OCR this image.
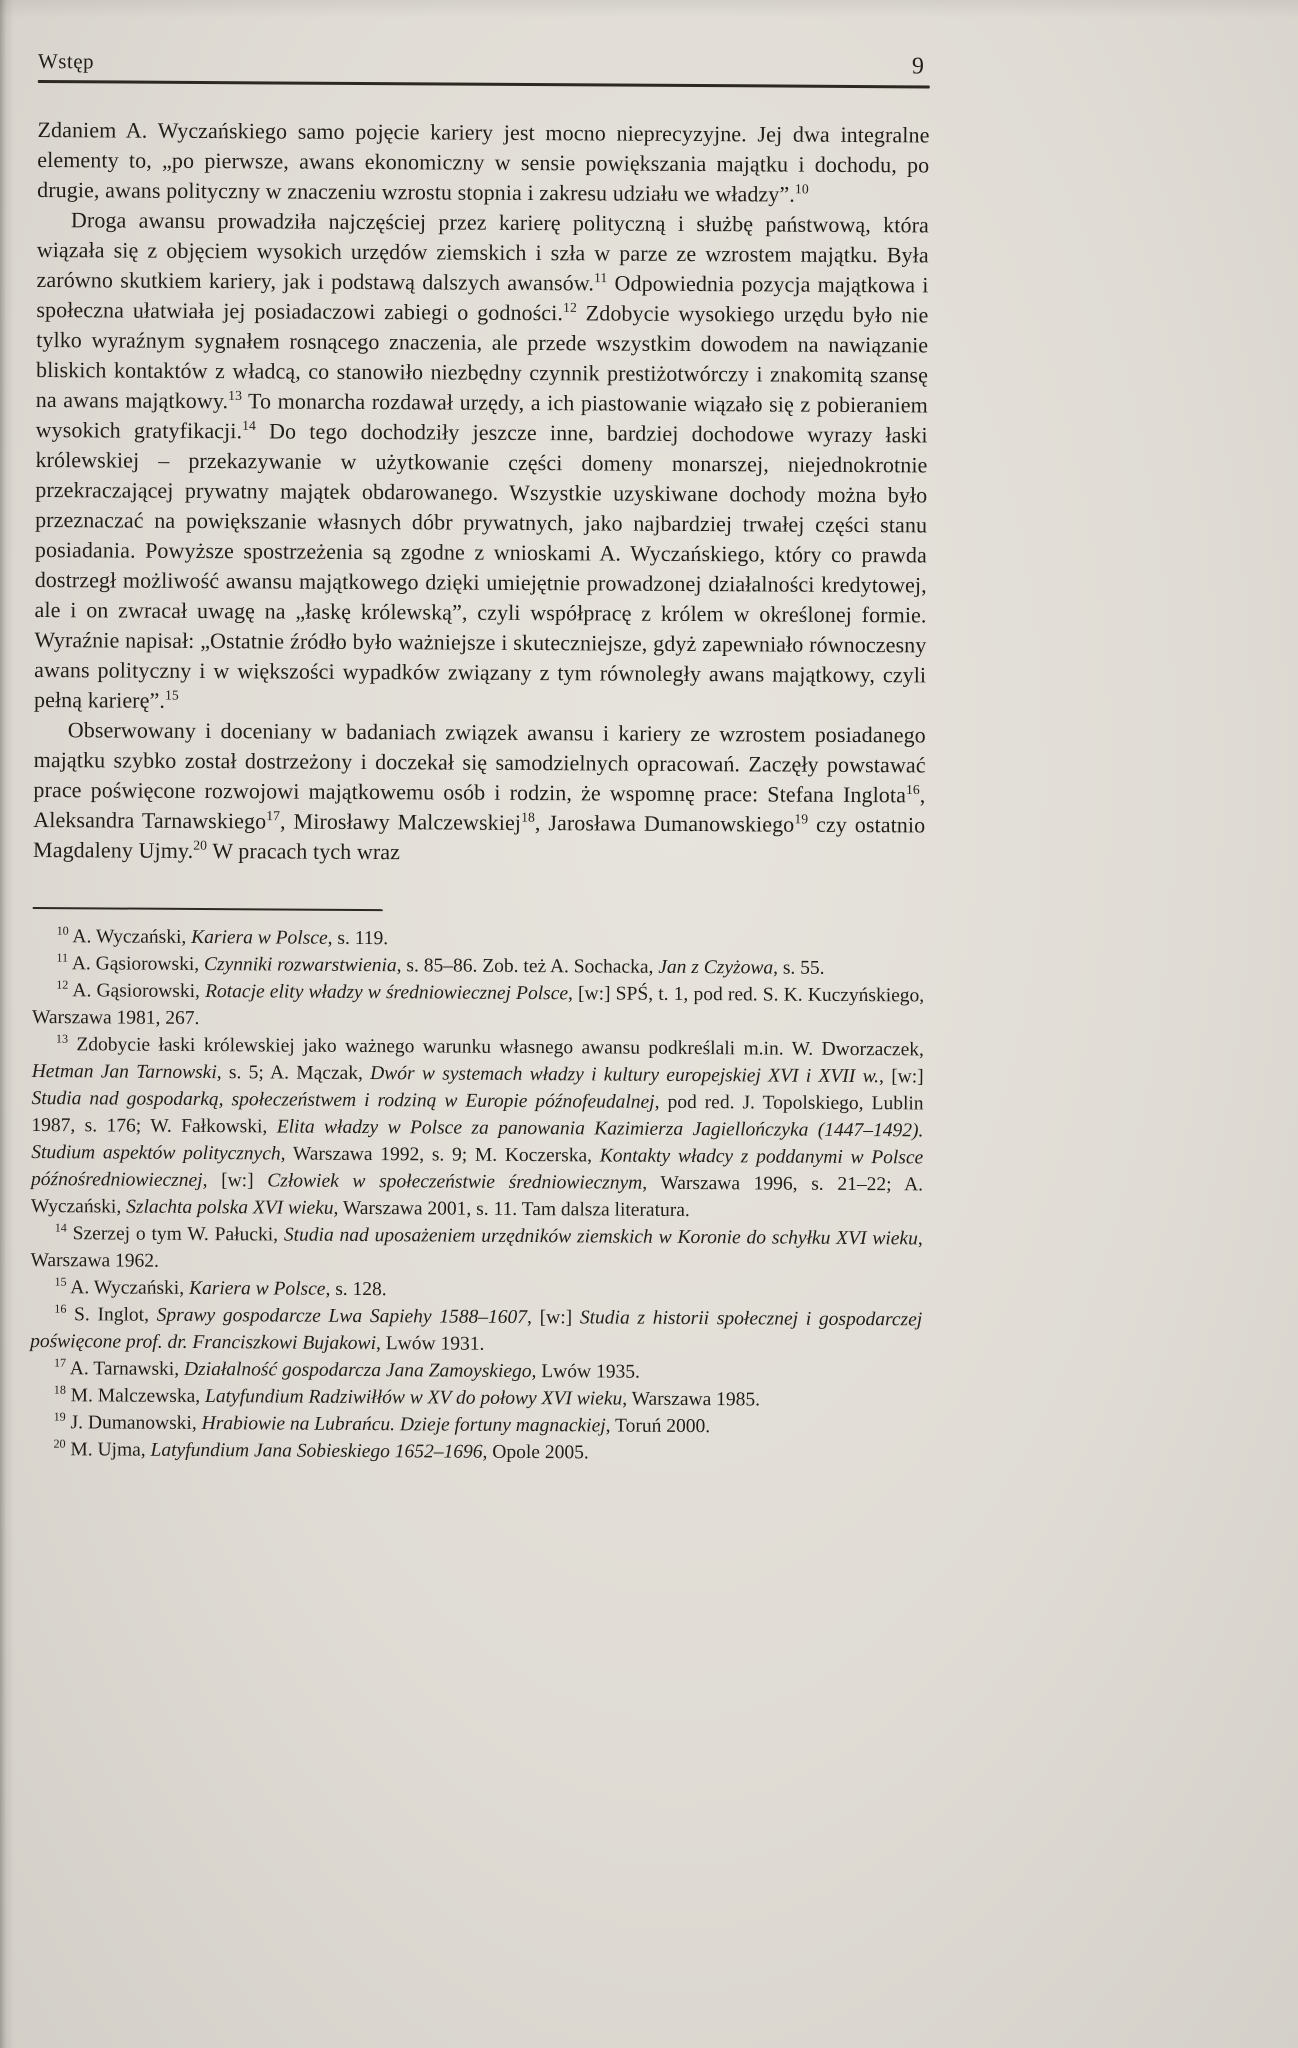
Wstęp	9

Zdaniem A. Wyczańskiego samo pojęcie kariery jest mocno nieprecyzyjne. Jej dwa integralne elementy to, „po pierwsze, awans ekonomiczny w sensie powiększania majątku i dochodu, po drugie, awans polityczny w znaczeniu wzrostu stopnia i zakresu udziału we władzy”.$^{10}$

Droga awansu prowadziła najczęściej przez karierę polityczną i służbę państwową, która wiązała się z objęciem wysokich urzędów ziemskich i szła w parze ze wzrostem majątku. Była zarówno skutkiem kariery, jak i podstawą dalszych awansów.$^{11}$ Odpowiednia pozycja majątkowa i społeczna ułatwiała jej posiadaczowi zabiegi o godności.$^{12}$ Zdobycie wysokiego urzędu było nie tylko wyraźnym sygnałem rosnącego znaczenia, ale przede wszystkim dowodem na nawiązanie bliskich kontaktów z władcą, co stanowiło niezbędny czynnik prestiżotwórczy i znakomitą szansę na awans majątkowy.$^{13}$ To monarcha rozdawał urzędy, a ich piastowanie wiązało się z pobieraniem wysokich gratyfikacji.$^{14}$ Do tego dochodziły jeszcze inne, bardziej dochodowe wyrazy łaski królewskiej – przekazywanie w użytkowanie części domeny monarszej, niejednokrotnie przekraczającej prywatny majątek obdarowanego. Wszystkie uzyskiwane dochody można było przeznaczać na powiększanie własnych dóbr prywatnych, jako najbardziej trwałej części stanu posiadania. Powyższe spostrzeżenia są zgodne z wnioskami A. Wyczańskiego, który co prawda dostrzegł możliwość awansu majątkowego dzięki umiejętnie prowadzonej działalności kredytowej, ale i on zwracał uwagę na „łaskę królewską”, czyli współpracę z królem w określonej formie. Wyraźnie napisał: „Ostatnie źródło było ważniejsze i skuteczniejsze, gdyż zapewniało równoczesny awans polityczny i w większości wypadków związany z tym równoległy awans majątkowy, czyli pełną karierę”.$^{15}$

Obserwowany i doceniany w badaniach związek awansu i kariery ze wzrostem posiadanego majątku szybko został dostrzeżony i doczekał się samodzielnych opracowań. Zaczęły powstawać prace poświęcone rozwojowi majątkowemu osób i rodzin, że wspomnę prace: Stefana Inglota$^{16}$, Aleksandra Tarnawskiego$^{17}$, Mirosławy Malczewskiej$^{18}$, Jarosława Dumanowskiego$^{19}$ czy ostatnio Magdaleny Ujmy.$^{20}$ W pracach tych wraz

$^{10}$ A. Wyczański, Kariera w Polsce, s. 119.

$^{11}$ A. Gąsiorowski, Czynniki rozwarstwienia, s. 85–86. Zob. też A. Sochacka, Jan z Czyżowa, s. 55.

$^{12}$ A. Gąsiorowski, Rotacje elity władzy w średniowiecznej Polsce, [w:] SPŚ, t. 1, pod red. S. K. Kuczyńskiego, Warszawa 1981, 267.

$^{13}$ Zdobycie łaski królewskiej jako ważnego warunku własnego awansu podkreślali m.in. W. Dworzaczek, Hetman Jan Tarnowski, s. 5; A. Mączak, Dwór w systemach władzy i kultury europejskiej XVI i XVII w., [w:] Studia nad gospodarką, społeczeństwem i rodziną w Europie późnofeudalnej, pod red. J. Topolskiego, Lublin 1987, s. 176; W. Fałkowski, Elita władzy w Polsce za panowania Kazimierza Jagiellończyka (1447–1492). Studium aspektów politycznych, Warszawa 1992, s. 9; M. Koczerska, Kontakty władcy z poddanymi w Polsce późnośredniowiecznej, [w:] Człowiek w społeczeństwie średniowiecznym, Warszawa 1996, s. 21–22; A. Wyczański, Szlachta polska XVI wieku, Warszawa 2001, s. 11. Tam dalsza literatura.

$^{14}$ Szerzej o tym W. Pałucki, Studia nad uposażeniem urzędników ziemskich w Koronie do schyłku XVI wieku, Warszawa 1962.

$^{15}$ A. Wyczański, Kariera w Polsce, s. 128.

$^{16}$ S. Inglot, Sprawy gospodarcze Lwa Sapiehy 1588–1607, [w:] Studia z historii społecznej i gospodarczej poświęcone prof. dr. Franciszkowi Bujakowi, Lwów 1931.

$^{17}$ A. Tarnawski, Działalność gospodarcza Jana Zamoyskiego, Lwów 1935.

$^{18}$ M. Malczewska, Latyfundium Radziwiłłów w XV do połowy XVI wieku, Warszawa 1985.

$^{19}$ J. Dumanowski, Hrabiowie na Lubrańcu. Dzieje fortuny magnackiej, Toruń 2000.

$^{20}$ M. Ujma, Latyfundium Jana Sobieskiego 1652–1696, Opole 2005.
